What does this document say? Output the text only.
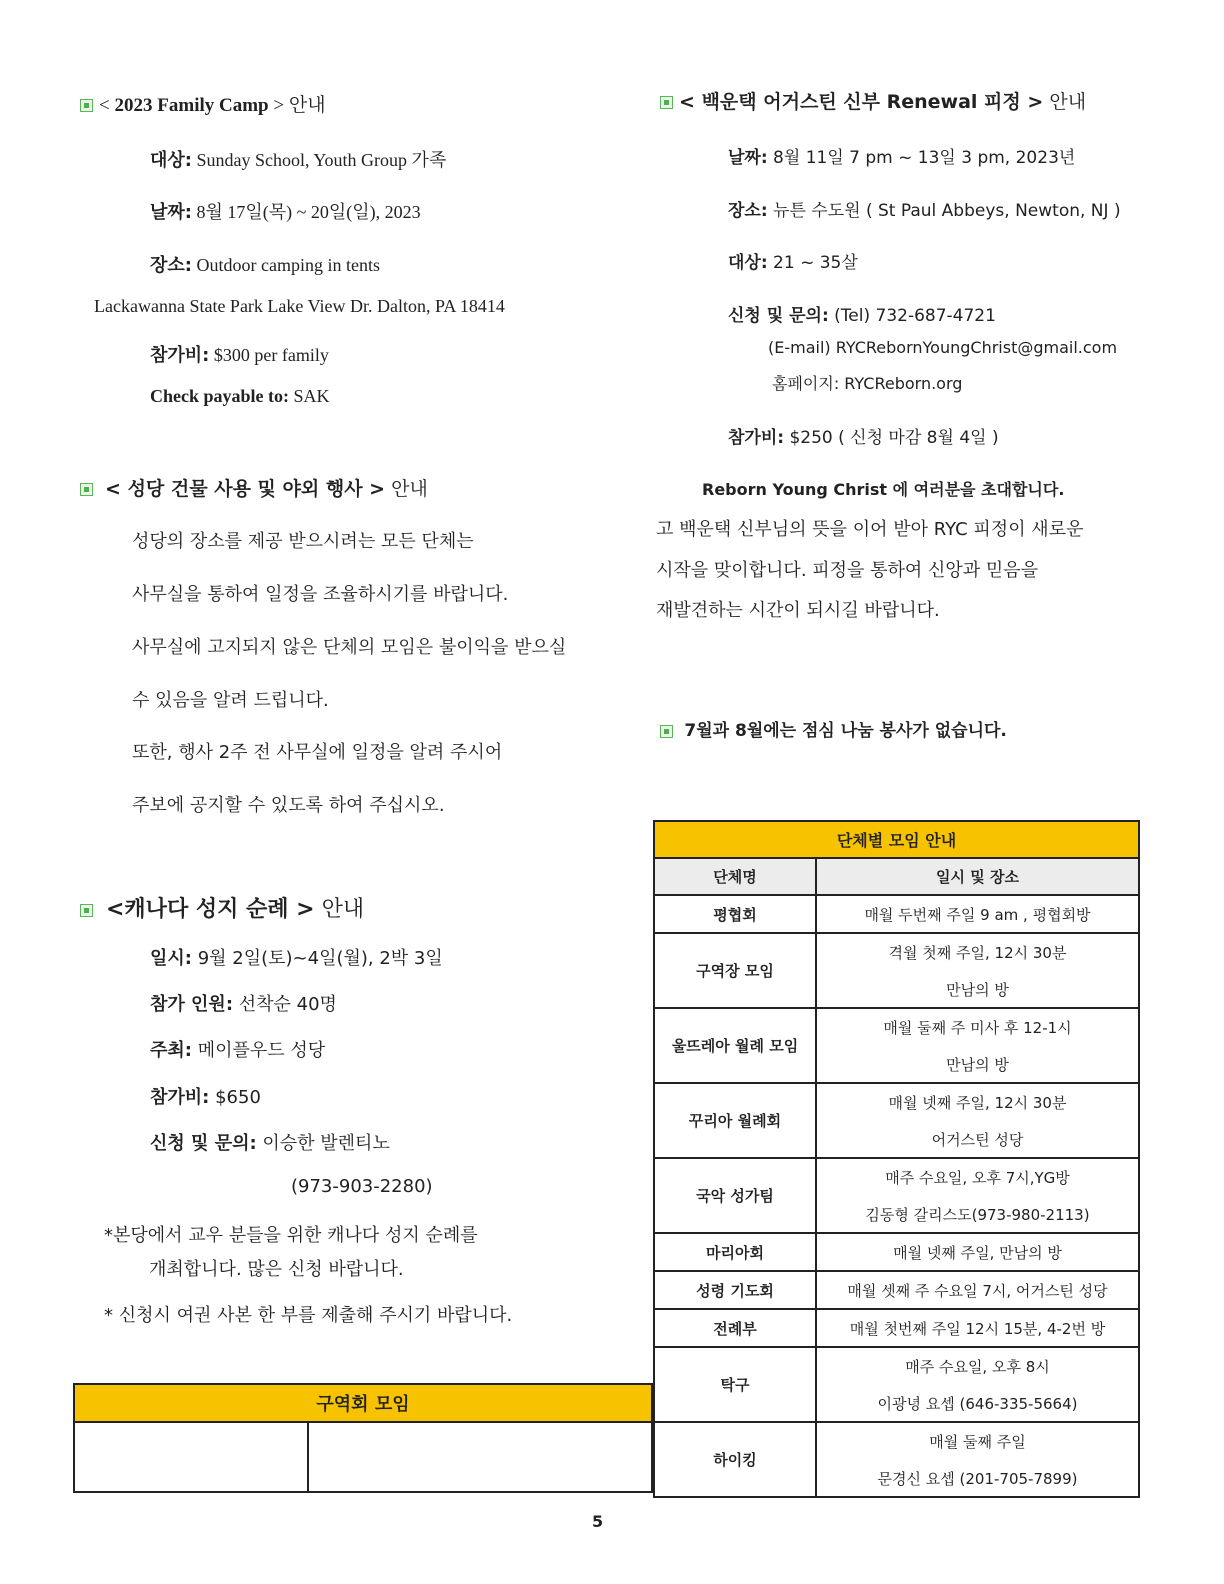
< 2023 Family Camp > 안내
대상: Sunday School, Youth Group 가족
날짜: 8월 17일(목) ~ 20일(일), 2023
장소: Outdoor camping in tents
Lackawanna State Park Lake View Dr. Dalton, PA 18414
참가비: $300 per family
Check payable to: SAK
< 성당 건물 사용 및 야외 행사 > 안내
성당의 장소를 제공 받으시려는 모든 단체는
사무실을 통하여 일정을 조율하시기를 바랍니다.
사무실에 고지되지 않은 단체의 모임은 불이익을 받으실
수 있음을 알려 드립니다.
또한, 행사 2주 전 사무실에 일정을 알려 주시어
주보에 공지할 수 있도록 하여 주십시오.
<캐나다 성지 순례 > 안내
일시: 9월 2일(토)~4일(월), 2박 3일
참가 인원: 선착순 40명
주최: 메이플우드 성당
참가비: $650
신청 및 문의: 이승한 발렌티노
(973-903-2280)
*본당에서 교우 분들을 위한 캐나다 성지 순례를
개최합니다. 많은 신청 바랍니다.
* 신청시 여권 사본 한 부를 제출해 주시기 바랍니다.
구역회 모임

< 백운택 어거스틴 신부 Renewal 피정 > 안내
날짜: 8월 11일 7 pm ~ 13일 3 pm, 2023년
장소: 뉴튼 수도원 ( St Paul Abbeys, Newton, NJ )
대상: 21 ~ 35살
신청 및 문의: (Tel) 732-687-4721
(E-mail) RYCRebornYoungChrist@gmail.com
홈페이지: RYCReborn.org
참가비: $250 ( 신청 마감 8월 4일 )
Reborn Young Christ 에 여러분을 초대합니다.
고 백운택 신부님의 뜻을 이어 받아 RYC 피정이 새로운
시작을 맞이합니다. 피정을 통하여 신앙과 믿음을
재발견하는 시간이 되시길 바랍니다.
7월과 8월에는 점심 나눔 봉사가 없습니다.
단체별 모임 안내	
단체명	일시 및 장소
평협회	매월 두번째 주일 9 am , 평협회방
구역장 모임	격월 첫째 주일, 12시 30분
만남의 방

울뜨레아 월례 모임	매월 둘째 주 미사 후 12-1시
만남의 방

꾸리아 월례회	매월 넷째 주일, 12시 30분
어거스틴 성당

국악 성가팀	매주 수요일, 오후 7시,YG방
김동형 갈리스도(973-980-2113)

마리아회	매월 넷째 주일, 만남의 방
성령 기도회	매월 셋째 주 수요일 7시, 어거스틴 성당
전례부	매월 첫번째 주일 12시 15분, 4-2번 방
탁구	매주 수요일, 오후 8시
이광녕 요셉 (646-335-5664)

하이킹	매월 둘째 주일
문경신 요셉 (201-705-7899)
5
